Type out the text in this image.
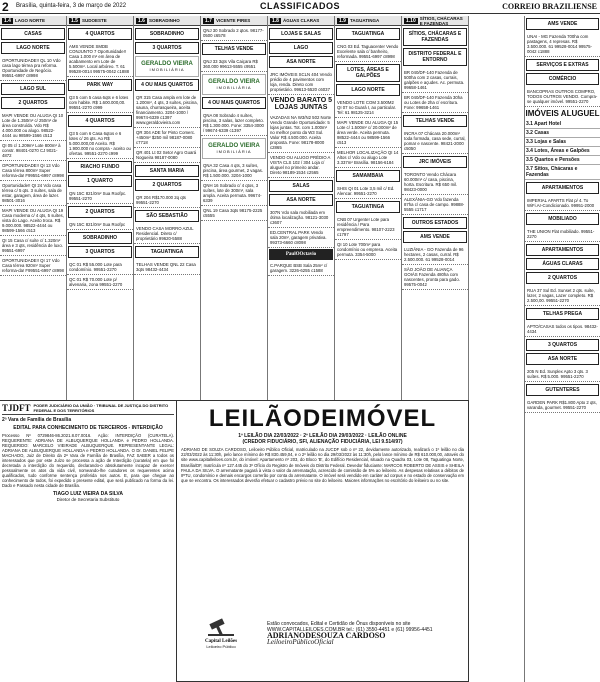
2 Brasília, quinta-feira, 3 de março de 2022	CLASSIFICADOS	CORREIO BRAZILIENSE
1.4 LAGO NORTE
CASAS
LAGO NORTE
OPORTUNIDADE!! QL 10 Vdo casa lago térrea pra reforma. Oportunidade de Negócio. 99551-6997 c8998
LAGO SUL
2 QUARTOS
MAPI VENDE OU ALUGA QI 10 Lote de 1.350m² c/ 250m² de área construída. Vdo R$ 4.000.000 ou alugo. 98522-4444 ou 98599-1566 c513
QI 05 c/ 1.209m² Lote 800m² à constr. 98401-0270 CJ 9021-4872
OPORTUNIDADE!! QI 13 Vdo Casa térrea 800m² Super reforma-da! F99551-6997 c8998
Oportunidade!! QI 24 Vdo casa térrea c/ 5 qts. 3 suítes, sala de estar, garagem, área de lazer. 98501-3016
MAPI VENDE OU ALUGA QI 19 Casa moderna c/ 4 qts, 5 suítes, vista do Lago. Aceito troca. R$ 9.000.000. 98522-4444 ou 98599-1566 c513
QI 15 Casa c/ suíte c/ 1.320m² área e 3 qts, residência de luxo. 99551-6997
OPORTUNIDADE!! QI 17 Vdo Casa térrea 920m² Super reforma-da! F99551-6997 c8998
1.5 SUDOESTE
4 QUARTOS
AMS VENDE SMDB CONJUNTO 7 Oportunidade!! Casa 1.000 m² em área de acabamento em Lote de 5.500m². Local arbóreo. T. 61 99528-0014 99575-0042 c1888
PARK WAY
Q3 5 com 5 casa 6qts e 6 lotes com habite. R$ 1.600.000,00. 99551-2270 c999
4 QUARTOS
Q3 5 com 6 Casa 6qtos e 6 lotes c/ 26 qts. Ao R$ 5.000.000,00 Aceito. R$ 1.900.000 no compra - aceito ou ofertas. 99551-2270 c999
RIACHO FUNDO
1 QUARTO
QN 15C 821/0m² Sua Roofpc. 99551-2270
2 QUARTOS
QN 15C 821/0m² Sua Roofpc
SOBRADINHO
3 QUARTOS
QC 01 R$ 55.000 Lote para condomínio. 99551-2270
QC 01 R$ 70.000 Lote p/ alvenaria, zona 99551-2270
1.6 SOBRADINHO
SOBRADINHO
3 QUARTOS
GERALDO VIEIRA
IMOBILIÁRIA
4 OU MAIS QUARTOS
QR 315 Casa ampla em lote de 1.200m², 4 qts, 3 suítes, piscina, sauna, churrasqueira, aceita financiamento. 3204-1000 / 99674-6339 c1397 www.geraldovieira.com
QR 304 ADE for Pinto Comerc. +450m² $250 mil 98187-0080 c7718
QR 401 Lt 02 Setor Agro Guará Nogueira 98187-0080
SANTA MARIA
2 QUARTOS
QR 204 R$170.000 2q qts 99551-2270
SÃO SEBASTIÃO
VENDO CASA MORRO AZUL Residencial. Direto c/ proprietário 99620-5588
TAGUATINGA
TELHAS VENDE QNL 22 Casa 3qts 98432-4434
1.7 VICENTE PIRES
QNJ 30 Sobrado 2 qtos. 98177-0500 c6578
TELHAS VENDE
QNJ 33 3qts Vila Caiçara R$ 360.000 99613-5555 c9551
GERALDO VIEIRA
IMOBILIÁRIA
4 OU MAIS QUARTOS
QNA 08 Sobrado 4 suítes, piscina, 3 salas, lazer completo. R$ 1.300.000. Fone: 3354-3000 / 99674-6339 c1397
GERALDO VIEIRA
IMOBILIÁRIA
QNA 32 Casa 4 qts, 3 suítes, piscina, área gourmet, 2 vagas. R$ 1.500.000. 3204-1000
QNH 16 Sobrado c/ 4 qtos, 3 suítes, lote de 300m², sala ampla. Aceita permuta. 99674-6339
QNL 19 Casa 3qts 98175-2225 c5555
1.8 ÁGUAS CLARAS
LOJAS E SALAS
LAGO
ASA NORTE
JRC IMÓVEIS SCLN 404 Vendo prédio de 4 pavimentos com loja, renda. Direto com proprietário. 99613-5520 c6037
VENDO BARATO 5 LOJAS JUNTAS
VAZADAS NA W3/N2 502 Norte Vendo Grande Oportunidade: 5 lojas juntas. Tot. com 1.000m² no melhor ponto da W3 Sul. Valor R$ 4.500.000. Aceita proposta. Fone: 98178-8000 c2865
VENDO OU ALUGO PRÉDIO A VISTA CLS 102 / 304 Loja c/ aluguel no primeiro andar. Direto 98189-1534 c2565
SALAS
ASA NORTE
307N Vdo sala mobiliada em ótima localização. 98121-3030 c3607
ED.CENTRAL PARK Vendo sala 20m², garagem privativa. 99373-6660 c8098
PaulOOctavio
C.PARQUE BSB Sala 25m² c/ garagem. 3226-6255 c1588
1.9 TAGUATINGA
TAGUATINGA
CNG 03 Ed. Taguacenter Vendo Excelente sala c/ banheiro, reformada. 99551-6997 c8998
LOTES, ÁREAS E GALPÕES
LAGO NORTE
VENDO LOTE COM 3.500M2 QI 07 no Guará I, ao particular. Tel: 61 98125-3214
MAPI VENDE OU ALUGA QI 15 Lote c/ 1.500m² c/ 20.000m² de área verde. Aceita permuta. 98522-4444 ou 98599-1566 c513
MELHOR LOCALIZAÇÃO QI 14 Altos c/ Vdo ou alugo Lote 3.337m² Brasília. 98156-6184
SAMAMBAIA
SHIS QI 01 Lote 3,5 mil c/ Ed. Alencar. 99551-2270
TAGUATINGA
CNB 07 Urgente! Lote para residência / Para empreendimento. 98107-2223 c1797
QI 10 Lote 700m² para condomínio ou empresa. Aceita permuta. 3354-5000
1.10 SÍTIOS, CHÁCARAS E FAZENDAS
SÍTIOS, CHÁCARAS E FAZENDAS
DISTRITO FEDERAL E ENTORNO
BR 040/DF-140 Fazenda de 500ha com 2 casas, currais, galpões e açudes. Ac. permuta. 99658-1461
BR 040/DF-140 Fazenda 30ha ou Lotes de 2ha c/ escritura. Fone: 99658-1461
TELHAS VENDE
INCRA 07 Chácara 20.000m² toda formada, casa sede, curral, pomar e nascente. 98421-2000 c5050
JRC IMÓVEIS
TORONTO Vendo Chácara 60.000m² c/ casa, piscina, horta. Escritura. R$ 650 mil. 98423-0000
ALEXÂNIA-GO Vdo fazenda 87ha c/ casa de campo. 99888-5555 c1717
OUTROS ESTADOS
AMS VENDE
LUZIÂNIA - GO Fazenda de 96 hectares, 2 casas, curral. R$ 2.500.000. 61 99528-0014
SÃO JOÃO DE ALIANÇA GOIÁS Fazenda 480ha com nascentes, pronta para gado. 99575-0042
AMS VENDE
UNAI - MG Fazenda 700ha com pastagens, 4 represas. R$ 3.500.000. 61 99528-0014 99575-0042 c1888
SERVIÇOS E EXTRAS
COMÉRCIO
BANCOPRAS OUTROS COMPRO, TODOS OUTROS VENDO. Compra-se qualquer imóvel. 99551-2270
IMÓVEIS ALUGUEL
3.1 Apart Hotel
3.2 Casas
3.3 Lojas e Salas
3.4 Lotes, Áreas e Galpões
3.5 Quartos e Pensões
3.7 Sítios, Chácaras e Fazendas
APARTAMENTOS
IMPERIAL APARTS Flat p/ 4. To WiFi.Ar-Condicionado. 99951-2000
MOBILIADO
THE UNION Flat mobiliado. 99551-2270
APARTAMENTOS
ÁGUAS CLARAS
2 QUARTOS
RUA 37 Sul Ed. Sunset 2 qts. suíte, lazer, 2 vagas, Lazer completo. R$ 2.500,00. 99551-2270
TELHAS PREGA
APTO/CASAS todos os tipos. 98432-4434
3 QUARTOS
ASA NORTE
205 N Ed. Sunplex Apto 3 qts. 3 suítes. R$ 5.000. 99551-2270
GUTENTERES
GARDEN PARK R$1.800 Apto 2 qts, varanda, gourmet. 99551-2270
TJDFT PODER JUDICIÁRIO DA UNIÃO · TRIBUNAL DE JUSTIÇA DO DISTRITO FEDERAL E DOS TERRITÓRIOS
2ª Vara de Família de Brasília
EDITAL PARA CONHECIMENTO DE TERCEIROS - INTERDIÇÃO
Processo Nº 0729846-86.2021.8.07.0016. Ação: INTERDIÇÃO (CURATELA). REQUERENTE: ADRIANA DE ALBUQUERQUE HOLLANDA e PEDRO HOLLANDA. REQUERIDO: MARCELO VIEIRADE ALBUQUERQUE. REPRESENTANTE LEGAL: ADRIANA DE ALBUQUERQUE HOLLANDA e PEDRO HOLLANDA. O Dr. DANIEL FELIPE MACHADO, Juiz de Direito da 2ª Vara de Família de Brasília, FAZ SABER a todos os interessados que por este Juízo se processa a ação de Interdição (curatela) em que foi decretada a interdição do requerido, declarando-o absolutamente incapaz de exercer pessoalmente os atos da vida civil, nomeando-lhe curadores os requerentes acima qualificados, tudo conforme sentença proferida nos autos. E, para que chegue ao conhecimento de todos, foi expedido o presente edital, que será publicado na forma da lei. Dado e Passado nesta cidade de Brasília.
TIAGO LUIZ VIEIRA DA SILVA
Diretor de Secretaria Substituto
LEILÃODEIMÓVEL
1º LEILÃO DIA 22/03/2022 · 2º LEILÃO DIA 29/03/2022 · LEILÃO ONLINE
(CREDOR FIDUCIÁRIO, SFI, ALIENAÇÃO FIDUCIÁRIA, LEI 9.514/97)
ADRIANO DE SOUZA CARDOSO, Leiloeiro Público Oficial, matriculado na JUCDF sob o nº 22, devidamente autorizado, realizará o 1º leilão no dia 22/03/2022 às 11:30h, pelo lance mínimo de R$ 830.459,04, e o 2º leilão no dia 29/03/2022 às 11:30h, pelo lance mínimo de R$ 610.000,00, através do site www.capitalleiloes.com.br, do imóvel: Apartamento nº 203, do Bloco 'B', do Edifício Residencial, situado na Quadra 03, Lote 08, Taguatinga Norte, Brasília/DF, matrícula nº 127.445 do 3º Ofício do Registro de Imóveis do Distrito Federal. Devedor fiduciante: MARCOS ROBERTO DE ASSIS e SHEILA PAULA DA SILVA. O arrematante pagará à vista o valor da arrematação, acrescido de comissão de 5% ao leiloeiro. As despesas relativas a débitos de IPTU, condomínio e demais encargos correrão por conta do arrematante. O imóvel será vendido em caráter ad corpus e no estado de conservação em que se encontra. Os interessados deverão efetuar o cadastro prévio no site do leiloeiro. Maiores informações no escritório do leiloeiro ou no site.
Capital Leilões
Leiloeiro Público
Estão convocados, Edital e Certidão de Ônus disponíveis no site WWW.CAPITALLEILOES.COM.BR tel.: (61) 3550-4451 e (61) 99956-4451
ADRIANODESOUZA CARDOSO
LeiloeiroPúblicoOficial
